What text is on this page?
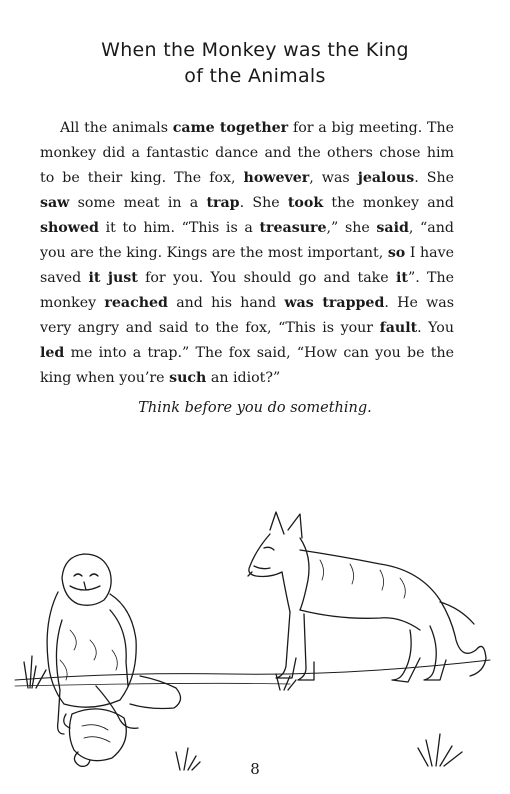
When the Monkey was the King
of the Animals

All the animals came together for a big meeting. The monkey did a fantastic dance and the others chose him to be their king. The fox, however, was jealous. She saw some meat in a trap. She took the monkey and showed it to him. “This is a treasure,” she said, “and you are the king. Kings are the most important, so I have saved it just for you. You should go and take it”. The monkey reached and his hand was trapped. He was very angry and said to the fox, “This is your fault. You led me into a trap.” The fox said, “How can you be the king when you’re such an idiot?”

Think before you do something.
8
